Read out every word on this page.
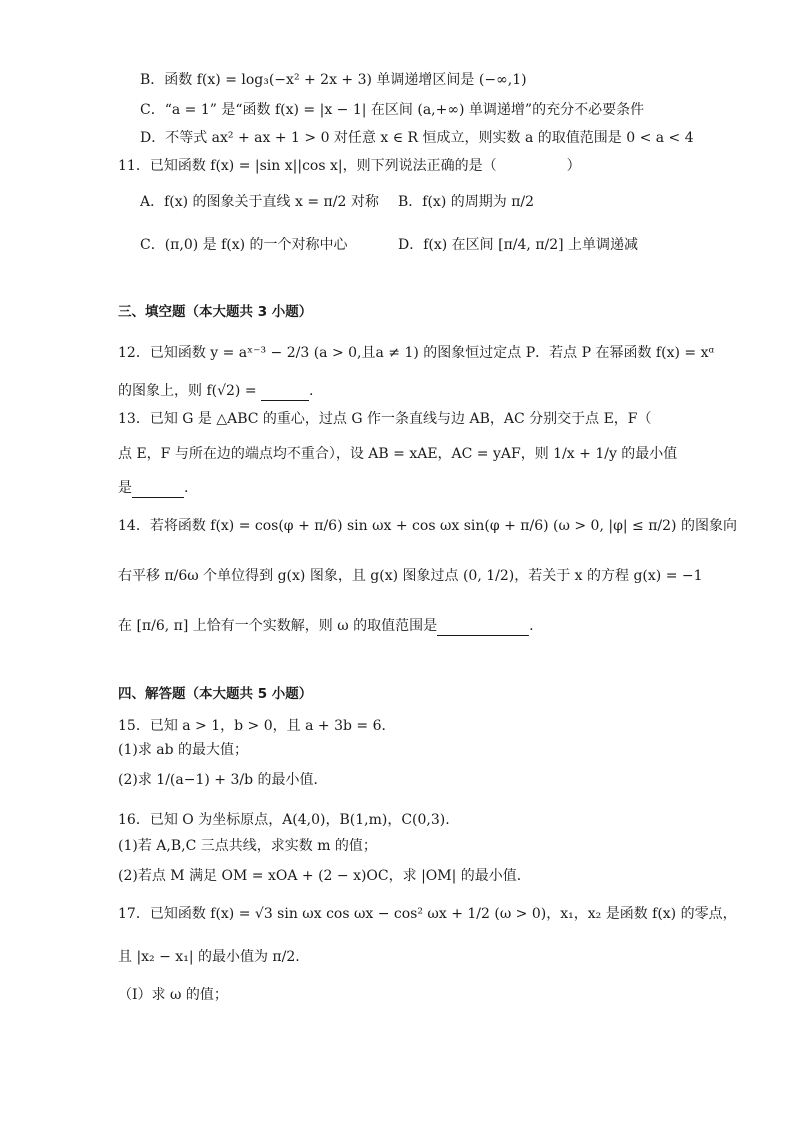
B．函数 f(x) = log₃(−x² + 2x + 3) 单调递增区间是 (−∞,1)
C．“a = 1” 是“函数 f(x) = |x − 1| 在区间 (a,+∞) 单调递增”的充分不必要条件
D．不等式 ax² + ax + 1 > 0 对任意 x ∈ R 恒成立，则实数 a 的取值范围是 0 < a < 4
11．已知函数 f(x) = |sin x||cos x|，则下列说法正确的是（　　　　　）
A．f(x) 的图象关于直线 x = π/2 对称 B．f(x) 的周期为 π/2
C．(π,0) 是 f(x) 的一个对称中心	D．f(x) 在区间 [π/4, π/2] 上单调递减
三、填空题（本大题共 3 小题）
12．已知函数 y = aˣ⁻³ − 2/3 (a > 0,且a ≠ 1) 的图象恒过定点 P．若点 P 在幂函数 f(x) = xᵅ
的图象上，则 f(√2) =	.
13．已知 G 是 △ABC 的重心，过点 G 作一条直线与边 AB，AC 分别交于点 E，F（
点 E，F 与所在边的端点均不重合），设 AB = xAE，AC = yAF，则 1/x + 1/y 的最小值
是	.
14．若将函数 f(x) = cos(φ + π/6) sin ωx + cos ωx sin(φ + π/6) (ω > 0, |φ| ≤ π/2) 的图象向
右平移 π/6ω 个单位得到 g(x) 图象，且 g(x) 图象过点 (0, 1/2)，若关于 x 的方程 g(x) = −1
在 [π/6, π] 上恰有一个实数解，则 ω 的取值范围是	.
四、解答题（本大题共 5 小题）
15．已知 a > 1，b > 0，且 a + 3b = 6．
(1)求 ab 的最大值；
(2)求 1/(a−1) + 3/b 的最小值．
16．已知 O 为坐标原点，A(4,0)，B(1,m)，C(0,3).
(1)若 A,B,C 三点共线，求实数 m 的值；
(2)若点 M 满足 OM = xOA + (2 − x)OC，求 |OM| 的最小值．
17．已知函数 f(x) = √3 sin ωx cos ωx − cos² ωx + 1/2 (ω > 0)，x₁，x₂ 是函数 f(x) 的零点，
且 |x₂ − x₁| 的最小值为 π/2.
（Ⅰ）求 ω 的值；
